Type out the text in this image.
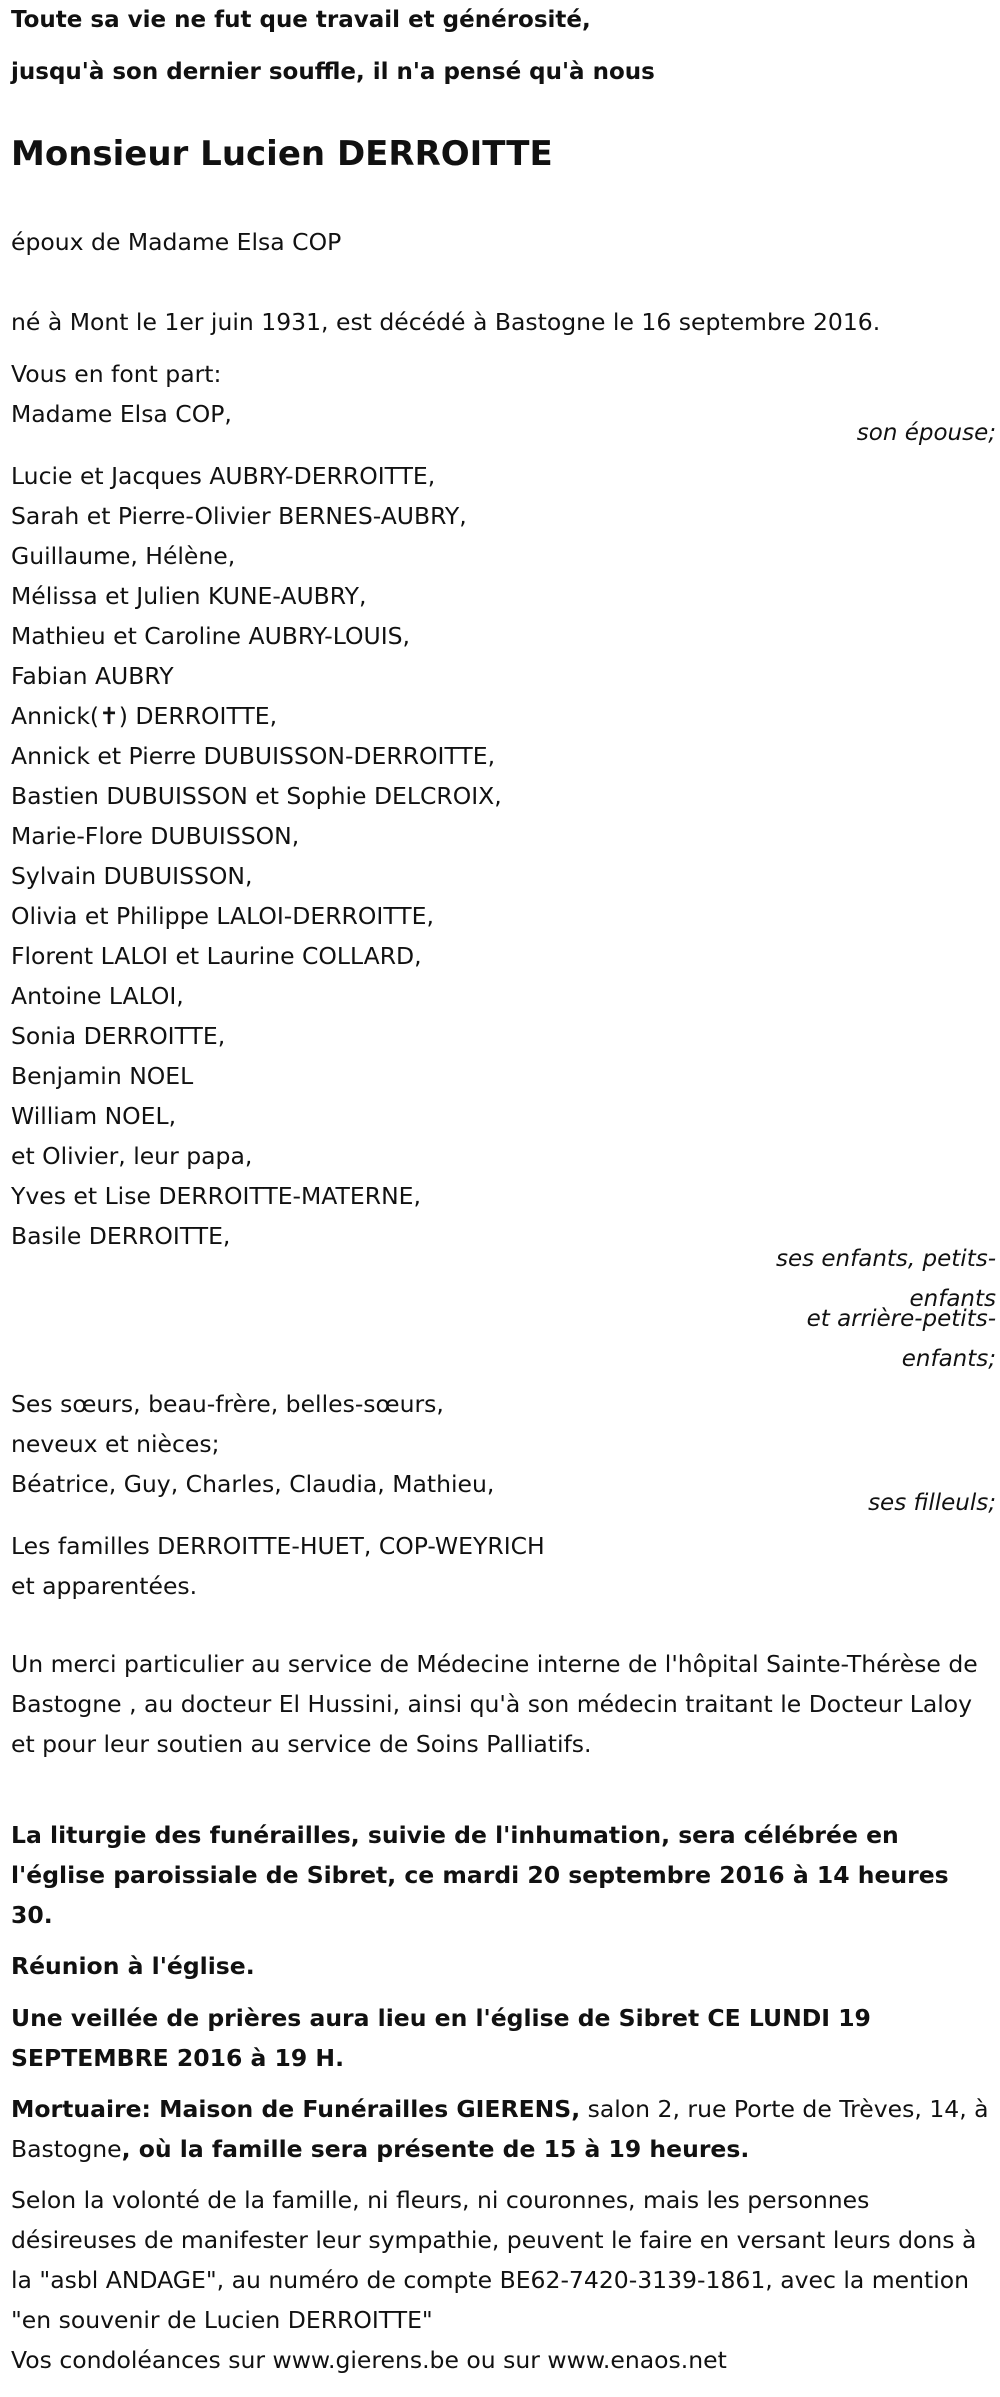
Toute sa vie ne fut que travail et générosité,
jusqu'à son dernier souffle, il n'a pensé qu'à nous
Monsieur Lucien DERROITTE
époux de Madame Elsa COP
né à Mont le 1er juin 1931, est décédé à Bastogne le 16 septembre 2016.
Vous en font part:
Madame Elsa COP,
son épouse;
Lucie et Jacques AUBRY-DERROITTE,
Sarah et Pierre-Olivier BERNES-AUBRY,
Guillaume, Hélène,
Mélissa et Julien KUNE-AUBRY,
Mathieu et Caroline AUBRY-LOUIS,
Fabian AUBRY
Annick(✝) DERROITTE,
Annick et Pierre DUBUISSON-DERROITTE,
Bastien DUBUISSON et Sophie DELCROIX,
Marie-Flore DUBUISSON,
Sylvain DUBUISSON,
Olivia et Philippe LALOI-DERROITTE,
Florent LALOI et Laurine COLLARD,
Antoine LALOI,
Sonia DERROITTE,
Benjamin NOEL
William NOEL,
et Olivier, leur papa,
Yves et Lise DERROITTE-MATERNE,
Basile DERROITTE,
ses enfants, petits-
enfants
et arrière-petits-
enfants;
Ses sœurs, beau-frère, belles-sœurs,
neveux et nièces;
Béatrice, Guy, Charles, Claudia, Mathieu,
ses filleuls;
Les familles DERROITTE-HUET, COP-WEYRICH
et apparentées.
Un merci particulier au service de Médecine interne de l'hôpital Sainte-Thérèse de Bastogne , au docteur El Hussini, ainsi qu'à son médecin traitant le Docteur Laloy et pour leur soutien au service de Soins Palliatifs.
La liturgie des funérailles, suivie de l'inhumation, sera célébrée en l'église paroissiale de Sibret, ce mardi 20 septembre 2016 à 14 heures 30.
Réunion à l'église.
Une veillée de prières aura lieu en l'église de Sibret CE LUNDI 19 SEPTEMBRE 2016 à 19 H.
Mortuaire: Maison de Funérailles GIERENS, salon 2, rue Porte de Trèves, 14, à Bastogne, où la famille sera présente de 15 à 19 heures.
Selon la volonté de la famille, ni fleurs, ni couronnes, mais les personnes désireuses de manifester leur sympathie, peuvent le faire en versant leurs dons à la "asbl ANDAGE", au numéro de compte BE62-7420-3139-1861, avec la mention "en souvenir de Lucien DERROITTE"
Vos condoléances sur www.gierens.be ou sur www.enaos.net
